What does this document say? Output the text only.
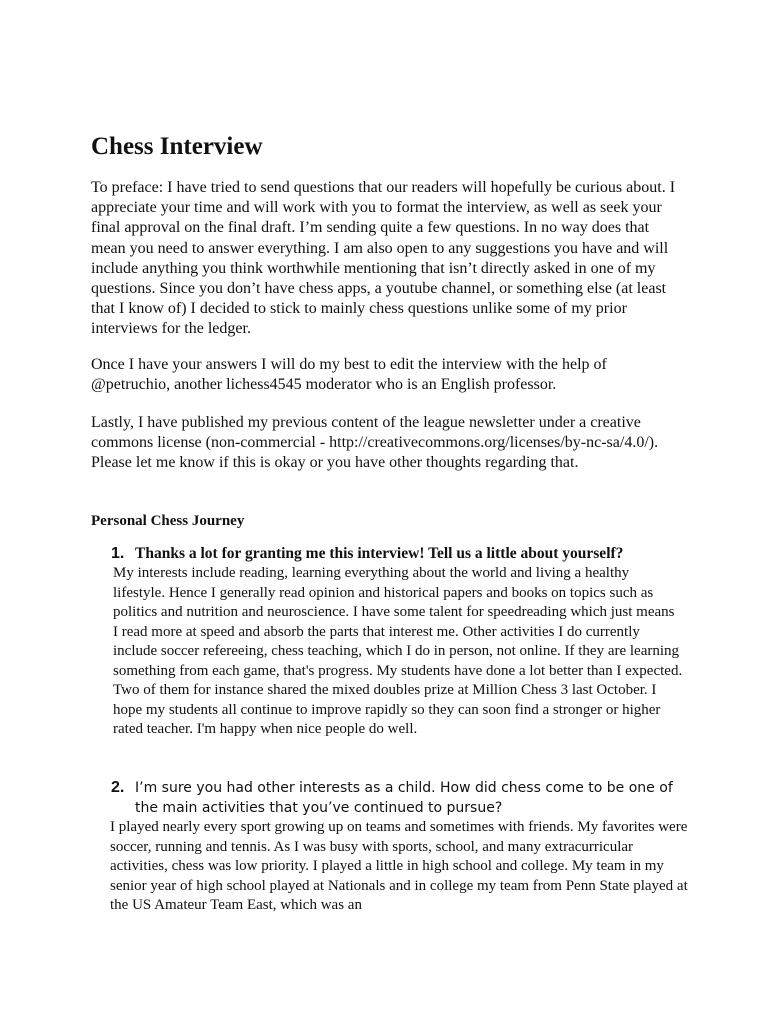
Chess Interview

To preface: I have tried to send questions that our readers will hopefully be curious about. I appreciate your time and will work with you to format the interview, as well as seek your final approval on the final draft. I’m sending quite a few questions. In no way does that mean you need to answer everything. I am also open to any suggestions you have and will include anything you think worthwhile mentioning that isn’t directly asked in one of my questions. Since you don’t have chess apps, a youtube channel, or something else (at least that I know of) I decided to stick to mainly chess questions unlike some of my prior interviews for the ledger.

Once I have your answers I will do my best to edit the interview with the help of @petruchio, another lichess4545 moderator who is an English professor.

Lastly, I have published my previous content of the league newsletter under a creative commons license (non-commercial - http://creativecommons.org/licenses/by-nc-sa/4.0/). Please let me know if this is okay or you have other thoughts regarding that.

Personal Chess Journey
1. Thanks a lot for granting me this interview! Tell us a little about yourself?

My interests include reading, learning everything about the world and living a healthy lifestyle. Hence I generally read opinion and historical papers and books on topics such as politics and nutrition and neuroscience. I have some talent for speedreading which just means I read more at speed and absorb the parts that interest me. Other activities I do currently include soccer refereeing, chess teaching, which I do in person, not online. If they are learning something from each game, that's progress. My students have done a lot better than I expected. Two of them for instance shared the mixed doubles prize at Million Chess 3 last October. I hope my students all continue to improve rapidly so they can soon find a stronger or higher rated teacher. I'm happy when nice people do well.

2. I’m sure you had other interests as a child. How did chess come to be one of the main activities that you’ve continued to pursue?

I played nearly every sport growing up on teams and sometimes with friends. My favorites were soccer, running and tennis. As I was busy with sports, school, and many extracurricular activities, chess was low priority. I played a little in high school and college. My team in my senior year of high school played at Nationals and in college my team from Penn State played at the US Amateur Team East, which was an
